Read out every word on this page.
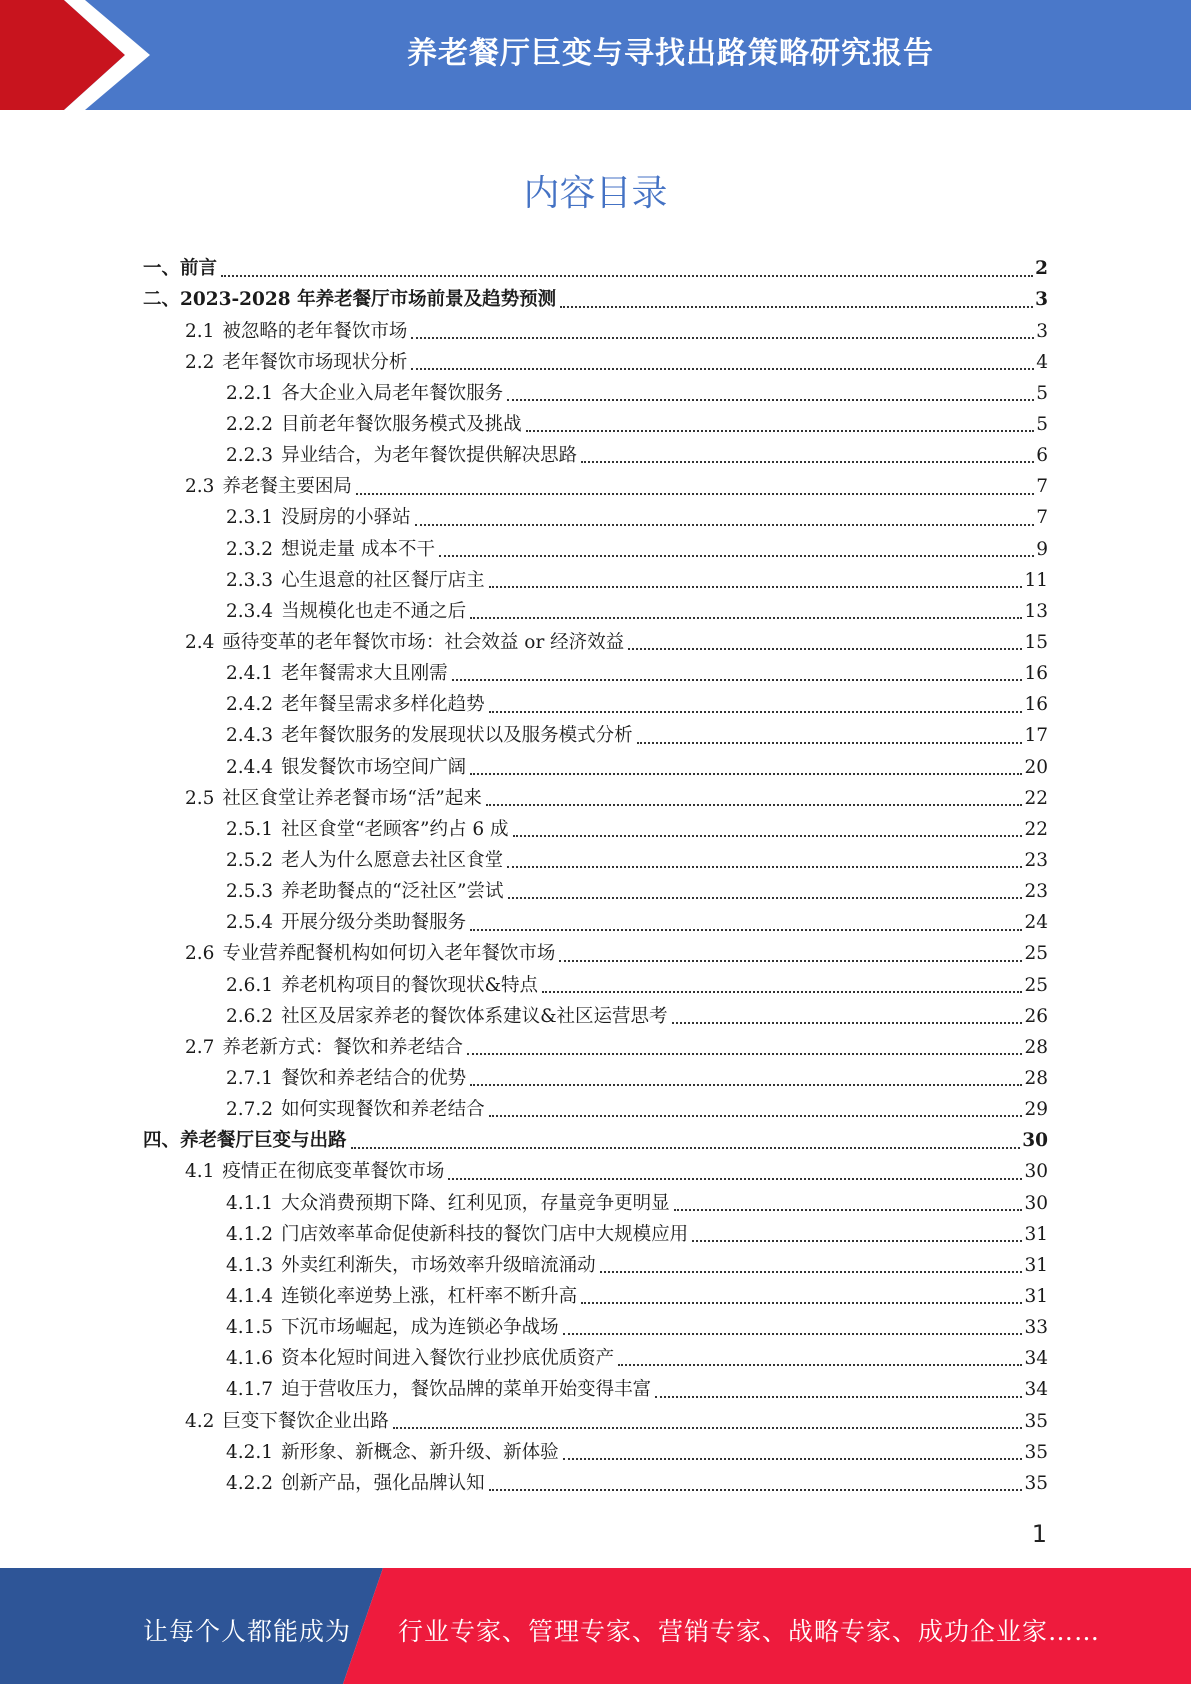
养老餐厅巨变与寻找出路策略研究报告
内容目录
一、 前言	2
二、 2023-2028 年养老餐厅市场前景及趋势预测	3
2.1 被忽略的老年餐饮市场	3
2.2 老年餐饮市场现状分析	4
2.2.1 各大企业入局老年餐饮服务	5
2.2.2 目前老年餐饮服务模式及挑战	5
2.2.3 异业结合，为老年餐饮提供解决思路	6
2.3 养老餐主要困局	7
2.3.1 没厨房的小驿站	7
2.3.2 想说走量 成本不干	9
2.3.3 心生退意的社区餐厅店主	11
2.3.4 当规模化也走不通之后	13
2.4 亟待变革的老年餐饮市场：社会效益 or 经济效益	15
2.4.1 老年餐需求大且刚需	16
2.4.2 老年餐呈需求多样化趋势	16
2.4.3 老年餐饮服务的发展现状以及服务模式分析	17
2.4.4 银发餐饮市场空间广阔	20
2.5 社区食堂让养老餐市场“活”起来	22
2.5.1 社区食堂“老顾客”约占 6 成	22
2.5.2 老人为什么愿意去社区食堂	23
2.5.3 养老助餐点的“泛社区”尝试	23
2.5.4 开展分级分类助餐服务	24
2.6 专业营养配餐机构如何切入老年餐饮市场	25
2.6.1 养老机构项目的餐饮现状&特点	25
2.6.2 社区及居家养老的餐饮体系建议&社区运营思考	26
2.7 养老新方式：餐饮和养老结合	28
2.7.1 餐饮和养老结合的优势	28
2.7.2 如何实现餐饮和养老结合	29
四、 养老餐厅巨变与出路	30
4.1 疫情正在彻底变革餐饮市场	30
4.1.1 大众消费预期下降、红利见顶，存量竞争更明显	30
4.1.2 门店效率革命促使新科技的餐饮门店中大规模应用	31
4.1.3 外卖红利渐失，市场效率升级暗流涌动	31
4.1.4 连锁化率逆势上涨，杠杆率不断升高	31
4.1.5 下沉市场崛起，成为连锁必争战场	33
4.1.6 资本化短时间进入餐饮行业抄底优质资产	34
4.1.7 迫于营收压力，餐饮品牌的菜单开始变得丰富	34
4.2 巨变下餐饮企业出路	35
4.2.1 新形象、新概念、新升级、新体验	35
4.2.2 创新产品，强化品牌认知	35
1
让每个人都能成为 行业专家、管理专家、营销专家、战略专家、成功企业家……
